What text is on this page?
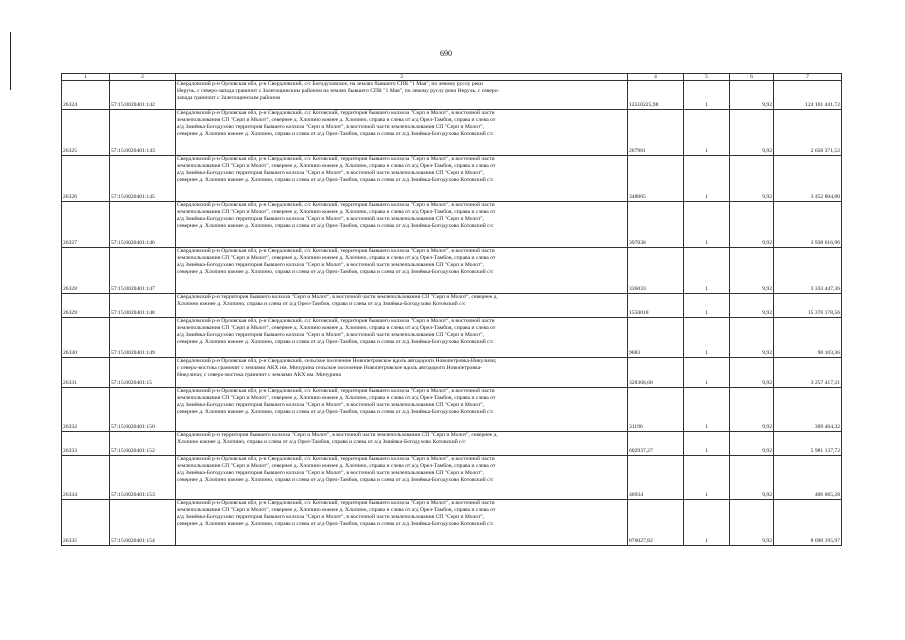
690
1	2	3	4	5	6	7
26324	57:15:0020401:142	Свердловский р-н Орловская обл, р-н Свердловский, с/с Богодуховское, на землях бывшего СПК "1 Мая", по левому руслу реки
Неручь, с северо-запада граничит с Залегощинским районом на землях бывшего СПК "1 Мая", по левому руслу реки Неручь, с северо-
запада граничит с Залегощинским районом	12510225,98	1	9,92	124 101 441,72
26325	57:15:0020401:143	Свердловский р-н Орловская обл, р-н Свердловский, с/с Котовский, территория бывшего колхоза "Серп и Молот", в восточной части
землепользования СП "Серп и Молот", севернее д. Хлопино южнее д. Хлопино, справа и слева от а/д Орел-Тамбов, справа и слева от
а/д Змиёвка-Богодухово территория бывшего колхоза "Серп и Молот", в восточной части землепользования СП "Серп и Молот",
севернее д. Хлопино южнее д. Хлопино, справа и слева от а/д Орел-Тамбов, справа и слева от а/д Змиёвка-Богодухово Котовский с/с	267981	1	9,92	2 658 371,52
26326	57:15:0020401:145	Свердловский р-н Орловская обл, р-н Свердловский, с/с Котовский, территория бывшего колхоза "Серп и Молот", в восточной части
землепользования СП "Серп и Молот", севернее д. Хлопино южнее д. Хлопино, справа и слева от а/д Орел-Тамбов, справа и слева от
а/д Змиёвка-Богодухово территория бывшего колхоза "Серп и Молот", в восточной части землепользования СП "Серп и Молот",
севернее д. Хлопино южнее д. Хлопино, справа и слева от а/д Орел-Тамбов, справа и слева от а/д Змиёвка-Богодухово Котовский с/с	348065	1	9,92	3 452 804,80
26327	57:15:0020401:146	Свердловский р-н Орловская обл, р-н Свердловский, с/с Котовский, территория бывшего колхоза "Серп и Молот", в восточной части
землепользования СП "Серп и Молот", севернее д. Хлопино южнее д. Хлопино, справа и слева от а/д Орел-Тамбов, справа и слева от
а/д Змиёвка-Богодухово территория бывшего колхоза "Серп и Молот", в восточной части землепользования СП "Серп и Молот",
севернее д. Хлопино южнее д. Хлопино, справа и слева от а/д Орел-Тамбов, справа и слева от а/д Змиёвка-Богодухово Котовский с/с	397038	1	9,92	3 938 616,96
26328	57:15:0020401:147	Свердловский р-н Орловская обл, р-н Свердловский, с/с Котовский, территория бывшего колхоза "Серп и Молот", в восточной части
землепользования СП "Серп и Молот", севернее д. Хлопино южнее д. Хлопино, справа и слева от а/д Орел-Тамбов, справа и слева от
а/д Змиёвка-Богодухово территория бывшего колхоза "Серп и Молот", в восточной части землепользования СП "Серп и Молот",
севернее д. Хлопино южнее д. Хлопино, справа и слева от а/д Орел-Тамбов, справа и слева от а/д Змиёвка-Богодухово Котовский с/с	336033	1	9,92	3 333 447,36
26329	57:15:0020401:148	Свердловский р-н территория бывшего колхоза "Серп и Молот", в восточной части землепользования СП "Серп и Молот", севернее д.
Хлопино южнее д. Хлопино, справа и слева от а/д Орел-Тамбов, справа и слева от а/д Змиёвка-Богодухово Котовский с/с	1550018	1	9,92	15 376 178,56
26330	57:15:0020401:149	Свердловский р-н Орловская обл, р-н Свердловский, с/с Котовский, территория бывшего колхоза "Серп и Молот", в восточной части
землепользования СП "Серп и Молот", севернее д. Хлопино южнее д. Хлопино, справа и слева от а/д Орел-Тамбов, справа и слева от
а/д Змиёвка-Богодухово территория бывшего колхоза "Серп и Молот", в восточной части землепользования СП "Серп и Молот",
севернее д. Хлопино южнее д. Хлопино, справа и слева от а/д Орел-Тамбов, справа и слева от а/д Змиёвка-Богодухово Котовский с/с	9083	1	9,92	90 103,36
26331	57:15:0020401:15	Свердловский р-н Орловская обл, р-н Свердловский, сельское поселение Новопетровское вдоль автодороги Новопетровка-Никуличи;
с северо-востока граничит с землями АКХ им. Мичурина сельское поселение Новопетровское вдоль автодороги Новопетровка-
Никуличи; с северо-востока граничит с землями АКХ им. Мичурина	328368,68	1	9,92	3 257 417,31
26332	57:15:0020401:150	Свердловский р-н Орловская обл, р-н Свердловский, с/с Котовский, территория бывшего колхоза "Серп и Молот", в восточной части
землепользования СП "Серп и Молот", севернее д. Хлопино южнее д. Хлопино, справа и слева от а/д Орел-Тамбов, справа и слева от
а/д Змиёвка-Богодухово территория бывшего колхоза "Серп и Молот", в восточной части землепользования СП "Серп и Молот",
севернее д. Хлопино южнее д. Хлопино, справа и слева от а/д Орел-Тамбов, справа и слева от а/д Змиёвка-Богодухово Котовский с/с	31196	1	9,92	309 464,32
26333	57:15:0020401:152	Свердловский р-н территория бывшего колхоза "Серп и Молот", в восточной части землепользования СП "Серп и Молот", севернее д.
Хлопино южнее д. Хлопино, справа и слева от а/д Орел-Тамбов, справа и слева от а/д Змиёвка-Богодухово Котовский с/с	602937,27	1	9,92	5 981 137,72
26334	57:15:0020401:153	Свердловский р-н Орловская обл, р-н Свердловский, с/с Котовский, территория бывшего колхоза "Серп и Молот", в восточной части
землепользования СП "Серп и Молот", севернее д. Хлопино южнее д. Хлопино, справа и слева от а/д Орел-Тамбов, справа и слева от
а/д Змиёвка-Богодухово территория бывшего колхоза "Серп и Молот", в восточной части землепользования СП "Серп и Молот",
севернее д. Хлопино южнее д. Хлопино, справа и слева от а/д Орел-Тамбов, справа и слева от а/д Змиёвка-Богодухово Котовский с/с	40934	1	9,92	406 065,28
26335	57:15:0020401:154	Свердловский р-н Орловская обл, р-н Свердловский, с/с Котовский, территория бывшего колхоза "Серп и Молот", в восточной части
землепользования СП "Серп и Молот", севернее д. Хлопино южнее д. Хлопино, справа и слева от а/д Орел-Тамбов, справа и слева от
а/д Змиёвка-Богодухово территория бывшего колхоза "Серп и Молот", в восточной части землепользования СП "Серп и Молот",
севернее д. Хлопино южнее д. Хлопино, справа и слева от а/д Орел-Тамбов, справа и слева от а/д Змиёвка-Богодухово Котовский с/с	876027,82	1	9,92	8 690 195,97
